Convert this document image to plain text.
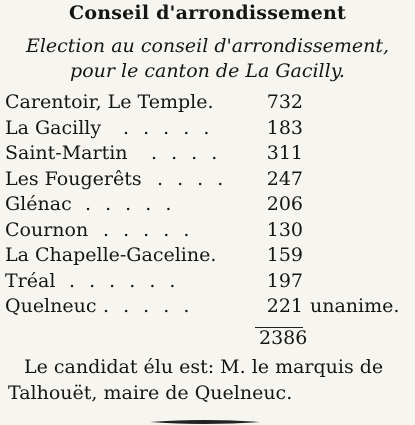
Conseil d'arrondissement
Election au conseil d'arrondissement,
pour le canton de La Gacilly.
Carentoir, Le Temple.	732
La Gacilly . . . . .	183
Saint-Martin . . . .	311
Les Fougerêts . . . .	247
Glénac . . . . .	206
Cournon . . . . .	130
La Chapelle-Gaceline.	159
Tréal . . . . . .	197
Quelneuc . . . . .	221 unanime.
2386
Le candidat élu est: M. le marquis de
Talhouët, maire de Quelneuc.
